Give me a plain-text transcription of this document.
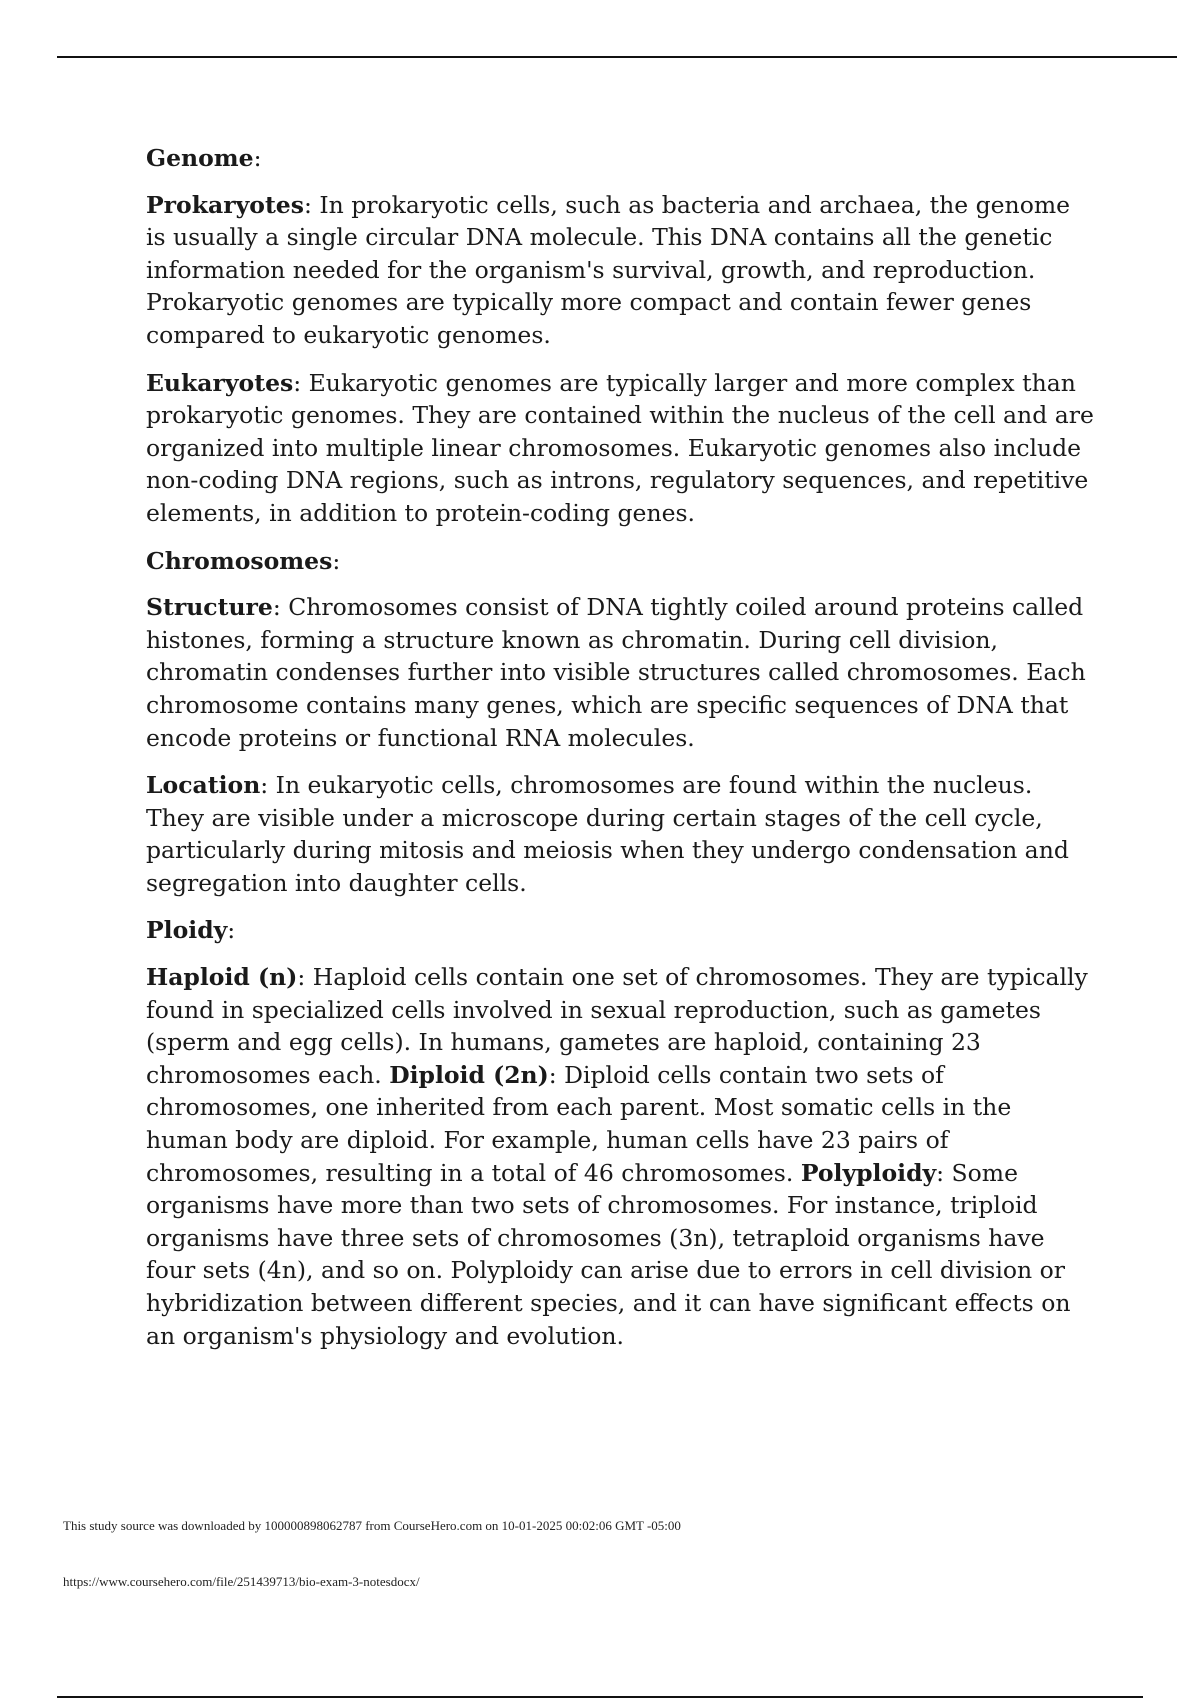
Genome:
Prokaryotes: In prokaryotic cells, such as bacteria and archaea, the genome is usually a single circular DNA molecule. This DNA contains all the genetic information needed for the organism's survival, growth, and reproduction. Prokaryotic genomes are typically more compact and contain fewer genes compared to eukaryotic genomes.
Eukaryotes: Eukaryotic genomes are typically larger and more complex than prokaryotic genomes. They are contained within the nucleus of the cell and are organized into multiple linear chromosomes. Eukaryotic genomes also include non-coding DNA regions, such as introns, regulatory sequences, and repetitive elements, in addition to protein-coding genes.
Chromosomes:
Structure: Chromosomes consist of DNA tightly coiled around proteins called histones, forming a structure known as chromatin. During cell division, chromatin condenses further into visible structures called chromosomes. Each chromosome contains many genes, which are specific sequences of DNA that encode proteins or functional RNA molecules.
Location: In eukaryotic cells, chromosomes are found within the nucleus. They are visible under a microscope during certain stages of the cell cycle, particularly during mitosis and meiosis when they undergo condensation and segregation into daughter cells.
Ploidy:
Haploid (n): Haploid cells contain one set of chromosomes. They are typically found in specialized cells involved in sexual reproduction, such as gametes (sperm and egg cells). In humans, gametes are haploid, containing 23 chromosomes each. Diploid (2n): Diploid cells contain two sets of chromosomes, one inherited from each parent. Most somatic cells in the human body are diploid. For example, human cells have 23 pairs of chromosomes, resulting in a total of 46 chromosomes. Polyploidy: Some organisms have more than two sets of chromosomes. For instance, triploid organisms have three sets of chromosomes (3n), tetraploid organisms have four sets (4n), and so on. Polyploidy can arise due to errors in cell division or hybridization between different species, and it can have significant effects on an organism's physiology and evolution.
This study source was downloaded by 100000898062787 from CourseHero.com on 10-01-2025 00:02:06 GMT -05:00
https://www.coursehero.com/file/251439713/bio-exam-3-notesdocx/
